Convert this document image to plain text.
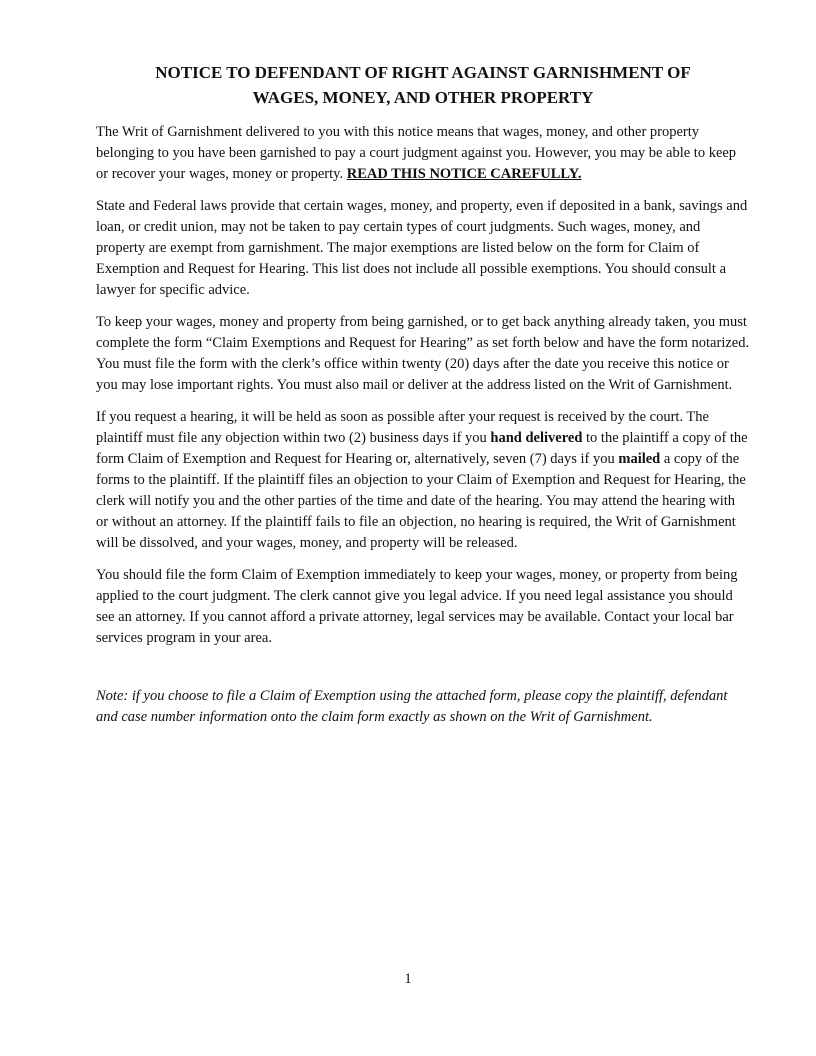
NOTICE TO DEFENDANT OF RIGHT AGAINST GARNISHMENT OF
WAGES, MONEY, AND OTHER PROPERTY

The Writ of Garnishment delivered to you with this notice means that wages, money, and other property belonging to you have been garnished to pay a court judgment against you. However, you may be able to keep or recover your wages, money or property. READ THIS NOTICE CAREFULLY.

State and Federal laws provide that certain wages, money, and property, even if deposited in a bank, savings and loan, or credit union, may not be taken to pay certain types of court judgments. Such wages, money, and property are exempt from garnishment. The major exemptions are listed below on the form for Claim of Exemption and Request for Hearing. This list does not include all possible exemptions. You should consult a lawyer for specific advice.

To keep your wages, money and property from being garnished, or to get back anything already taken, you must complete the form “Claim Exemptions and Request for Hearing” as set forth below and have the form notarized. You must file the form with the clerk’s office within twenty (20) days after the date you receive this notice or you may lose important rights. You must also mail or deliver at the address listed on the Writ of Garnishment.

If you request a hearing, it will be held as soon as possible after your request is received by the court. The plaintiff must file any objection within two (2) business days if you hand delivered to the plaintiff a copy of the form Claim of Exemption and Request for Hearing or, alternatively, seven (7) days if you mailed a copy of the forms to the plaintiff. If the plaintiff files an objection to your Claim of Exemption and Request for Hearing, the clerk will notify you and the other parties of the time and date of the hearing. You may attend the hearing with or without an attorney. If the plaintiff fails to file an objection, no hearing is required, the Writ of Garnishment will be dissolved, and your wages, money, and property will be released.

You should file the form Claim of Exemption immediately to keep your wages, money, or property from being applied to the court judgment. The clerk cannot give you legal advice. If you need legal assistance you should see an attorney. If you cannot afford a private attorney, legal services may be available. Contact your local bar services program in your area.

Note: if you choose to file a Claim of Exemption using the attached form, please copy the plaintiff, defendant and case number information onto the claim form exactly as shown on the Writ of Garnishment.
1
